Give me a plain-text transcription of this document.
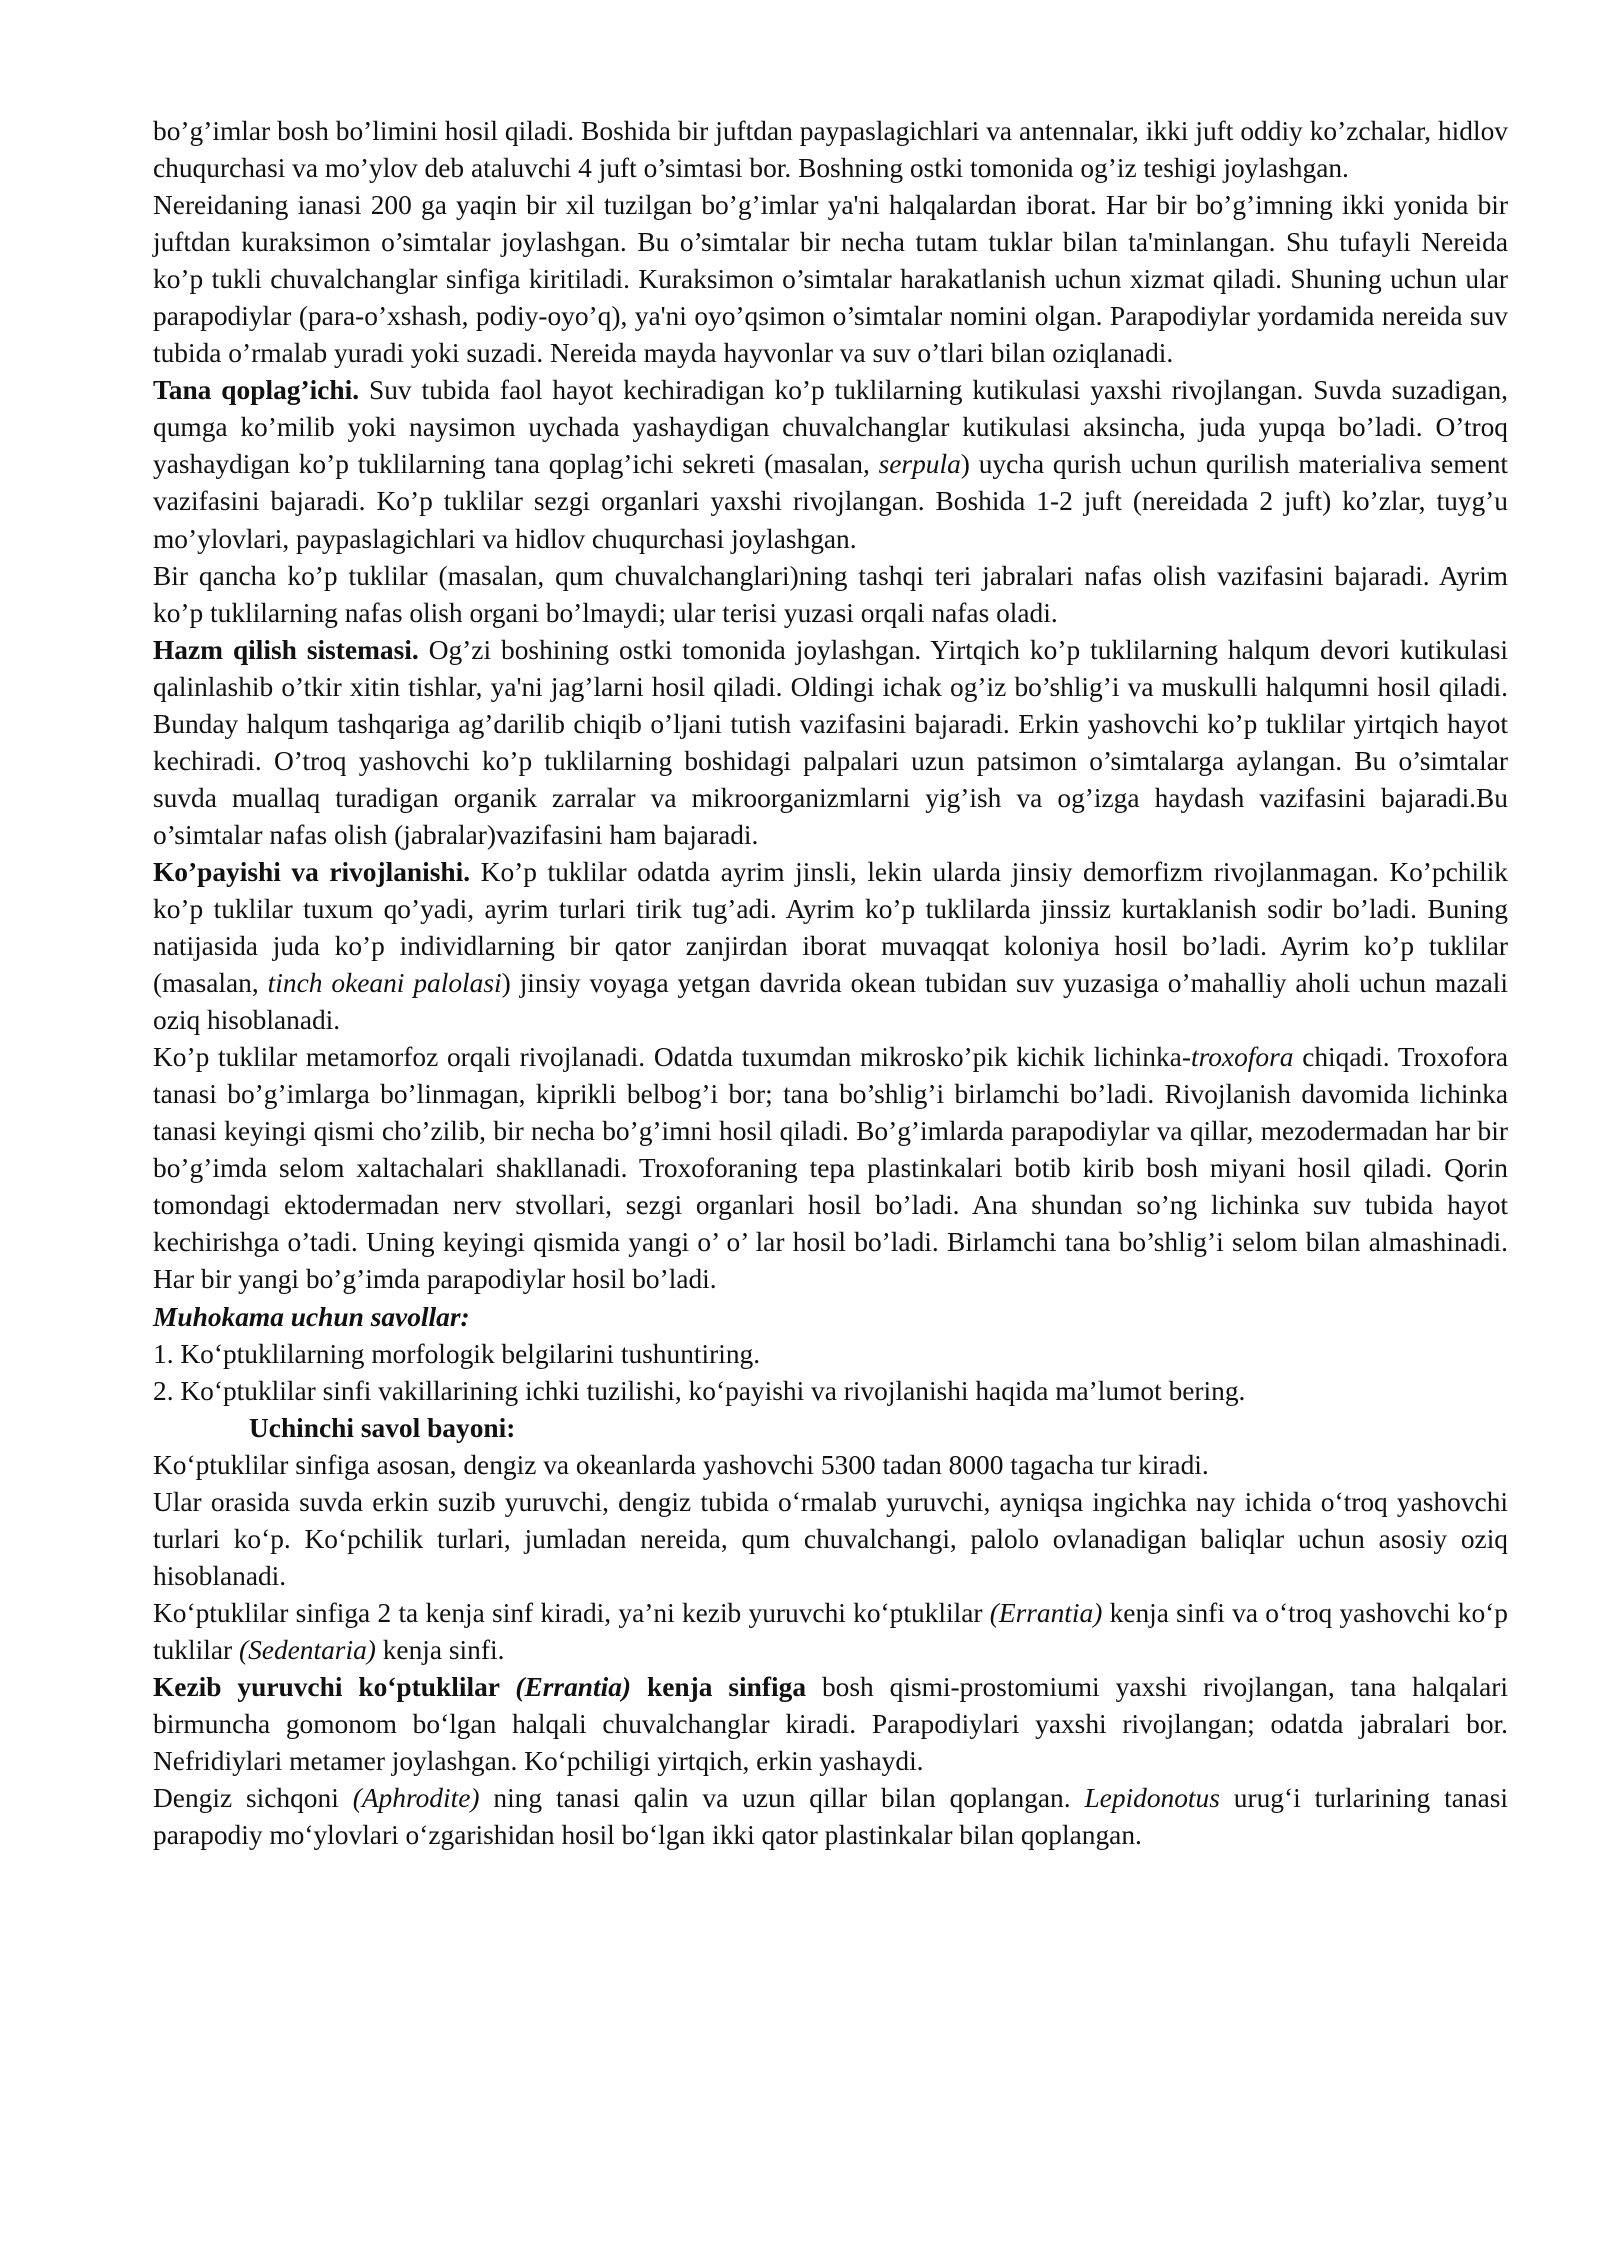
bo’g’imlar bosh bo’limini hosil qiladi. Boshida bir juftdan paypaslagichlari va antennalar, ikki juft oddiy ko’zchalar, hidlov chuqurchasi va mo’ylov deb ataluvchi 4 juft o’simtasi bor. Boshning ostki tomonida og’iz teshigi joylashgan.

Nereidaning ianasi 200 ga yaqin bir xil tuzilgan bo’g’imlar ya'ni halqalardan iborat. Har bir bo’g’imning ikki yonida bir juftdan kuraksimon o’simtalar joylashgan. Bu o’simtalar bir necha tutam tuklar bilan ta'minlangan. Shu tufayli Nereida ko’p tukli chuvalchanglar sinfiga kiritiladi. Kuraksimon o’simtalar harakatlanish uchun xizmat qiladi. Shuning uchun ular parapodiylar (para-o’xshash, podiy-oyo’q), ya'ni oyo’qsimon o’simtalar nomini olgan. Parapodiylar yordamida nereida suv tubida o’rmalab yuradi yoki suzadi. Nereida mayda hayvonlar va suv o’tlari bilan oziqlanadi.

Tana qoplag’ichi. Suv tubida faol hayot kechiradigan ko’p tuklilarning kutikulasi yaxshi rivojlangan. Suvda suzadigan, qumga ko’milib yoki naysimon uychada yashaydigan chuvalchanglar kutikulasi aksincha, juda yupqa bo’ladi. O’troq yashaydigan ko’p tuklilarning tana qoplag’ichi sekreti (masalan, serpula) uycha qurish uchun qurilish materialiva sement vazifasini bajaradi. Ko’p tuklilar sezgi organlari yaxshi rivojlangan. Boshida 1-2 juft (nereidada 2 juft) ko’zlar, tuyg’u mo’ylovlari, paypaslagichlari va hidlov chuqurchasi joylashgan.

Bir qancha ko’p tuklilar (masalan, qum chuvalchanglari)ning tashqi teri jabralari nafas olish vazifasini bajaradi. Ayrim ko’p tuklilarning nafas olish organi bo’lmaydi; ular terisi yuzasi orqali nafas oladi.

Hazm qilish sistemasi. Og’zi boshining ostki tomonida joylashgan. Yirtqich ko’p tuklilarning halqum devori kutikulasi qalinlashib o’tkir xitin tishlar, ya'ni jag’larni hosil qiladi. Oldingi ichak og’iz bo’shlig’i va muskulli halqumni hosil qiladi. Bunday halqum tashqariga ag’darilib chiqib o’ljani tutish vazifasini bajaradi. Erkin yashovchi ko’p tuklilar yirtqich hayot kechiradi. O’troq yashovchi ko’p tuklilarning boshidagi palpalari uzun patsimon o’simtalarga aylangan. Bu o’simtalar suvda muallaq turadigan organik zarralar va mikroorganizmlarni yig’ish va og’izga haydash vazifasini bajaradi.Bu o’simtalar nafas olish (jabralar)vazifasini ham bajaradi.

Ko’payishi va rivojlanishi. Ko’p tuklilar odatda ayrim jinsli, lekin ularda jinsiy demorfizm rivojlanmagan. Ko’pchilik ko’p tuklilar tuxum qo’yadi, ayrim turlari tirik tug’adi. Ayrim ko’p tuklilarda jinssiz kurtaklanish sodir bo’ladi. Buning natijasida juda ko’p individlarning bir qator zanjirdan iborat muvaqqat koloniya hosil bo’ladi. Ayrim ko’p tuklilar (masalan, tinch okeani palolasi) jinsiy voyaga yetgan davrida okean tubidan suv yuzasiga o’mahalliy aholi uchun mazali oziq hisoblanadi.

Ko’p tuklilar metamorfoz orqali rivojlanadi. Odatda tuxumdan mikrosko’pik kichik lichinka-troxofora chiqadi. Troxofora tanasi bo’g’imlarga bo’linmagan, kiprikli belbog’i bor; tana bo’shlig’i birlamchi bo’ladi. Rivojlanish davomida lichinka tanasi keyingi qismi cho’zilib, bir necha bo’g’imni hosil qiladi. Bo’g’imlarda parapodiylar va qillar, mezodermadan har bir bo’g’imda selom xaltachalari shakllanadi. Troxoforaning tepa plastinkalari botib kirib bosh miyani hosil qiladi. Qorin tomondagi ektodermadan nerv stvollari, sezgi organlari hosil bo’ladi. Ana shundan so’ng lichinka suv tubida hayot kechirishga o’tadi. Uning keyingi qismida yangi o’ o’ lar hosil bo’ladi. Birlamchi tana bo’shlig’i selom bilan almashinadi. Har bir yangi bo’g’imda parapodiylar hosil bo’ladi.

Muhokama uchun savollar:

1. Ko‘ptuklilarning morfologik belgilarini tushuntiring.

2. Ko‘ptuklilar sinfi vakillarining ichki tuzilishi, ko‘payishi va rivojlanishi haqida ma’lumot bering.

Uchinchi savol bayoni:

Ko‘ptuklilar sinfiga asosan, dengiz va okeanlarda yashovchi 5300 tadan 8000 tagacha tur kiradi.

Ular orasida suvda erkin suzib yuruvchi, dengiz tubida o‘rmalab yuruvchi, ayniqsa ingichka nay ichida o‘troq yashovchi turlari ko‘p. Ko‘pchilik turlari, jumladan nereida, qum chuvalchangi, palolo ovlanadigan baliqlar uchun asosiy oziq hisoblanadi.

Ko‘ptuklilar sinfiga 2 ta kenja sinf kiradi, ya’ni kezib yuruvchi ko‘ptuklilar (Errantia) kenja sinfi va o‘troq yashovchi ko‘p tuklilar (Sedentaria) kenja sinfi.

Kezib yuruvchi ko‘ptuklilar (Errantia) kenja sinfiga bosh qismi-prostomiumi yaxshi rivojlangan, tana halqalari birmuncha gomonom bo‘lgan halqali chuvalchanglar kiradi. Parapodiylari yaxshi rivojlangan; odatda jabralari bor. Nefridiylari metamer joylashgan. Ko‘pchiligi yirtqich, erkin yashaydi.

Dengiz sichqoni (Aphrodite) ning tanasi qalin va uzun qillar bilan qoplangan. Lepidonotus urug‘i turlarining tanasi parapodiy mo‘ylovlari o‘zgarishidan hosil bo‘lgan ikki qator plastinkalar bilan qoplangan.
